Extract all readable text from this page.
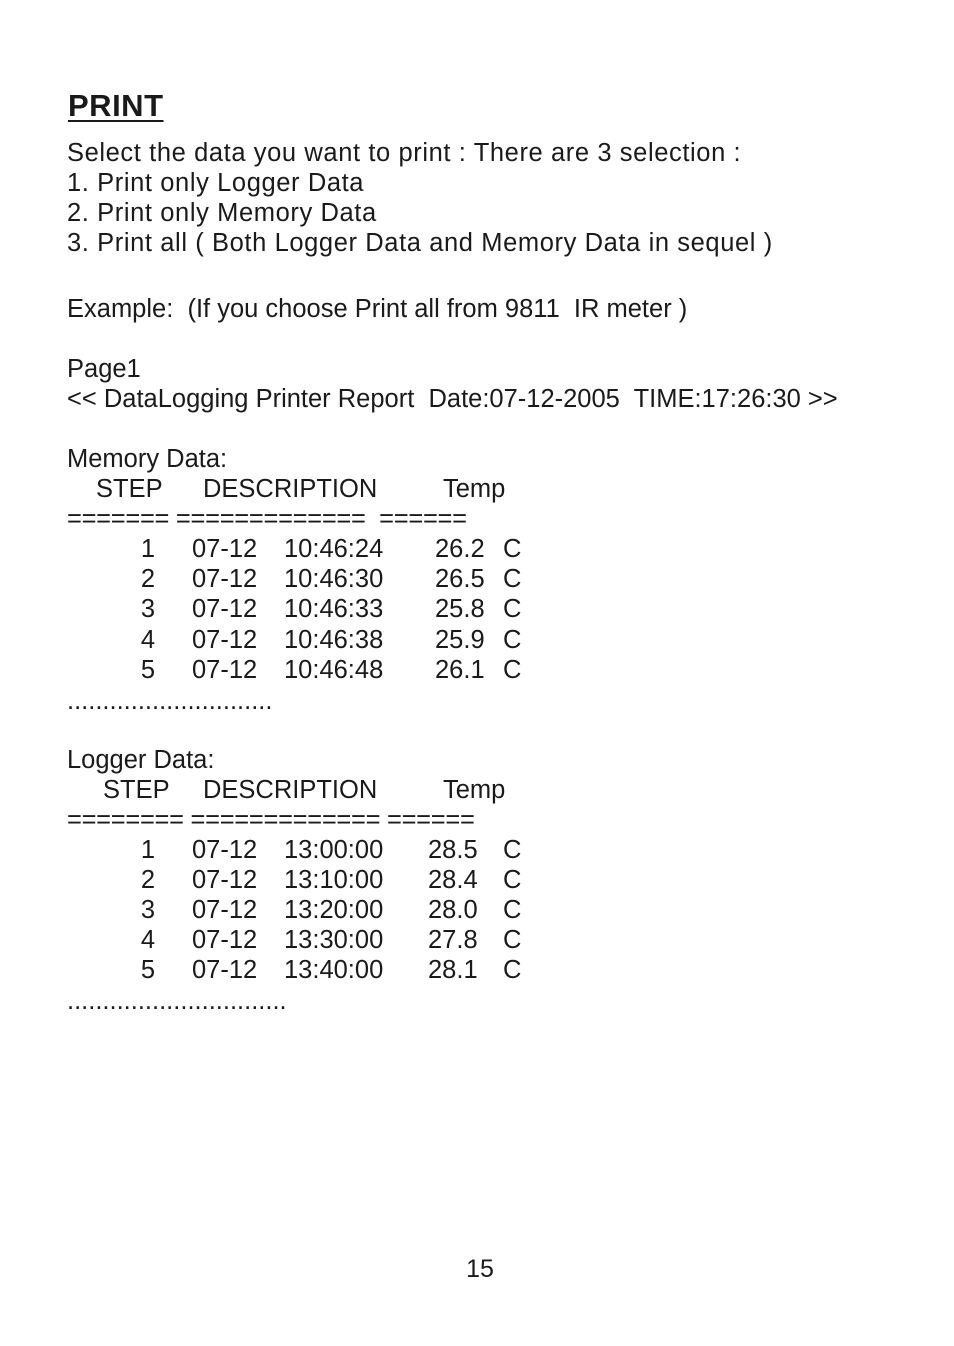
PRINT
Select the data you want to print : There are 3 selection :
1. Print only Logger Data
2. Print only Memory Data
3. Print all ( Both Logger Data and Memory Data in sequel )
Example:  (If you choose Print all from 9811  IR meter )
Page1
<< DataLogging Printer Report  Date:07-12-2005  TIME:17:26:30 >>
Memory Data:
STEP DESCRIPTION	Temp
======= =============  ======
1 07-12 10:46:24 26.2 C
2 07-12 10:46:30 26.5 C
3 07-12 10:46:33 25.8 C
4 07-12 10:46:38 25.9 C
5 07-12 10:46:48 26.1 C
.............................
Logger Data:
STEP DESCRIPTION	Temp
======== ============= ======
1 07-12 13:00:00 28.5 C
2 07-12 13:10:00 28.4 C
3 07-12 13:20:00 28.0 C
4 07-12 13:30:00 27.8 C
5 07-12 13:40:00 28.1 C
...............................
15
